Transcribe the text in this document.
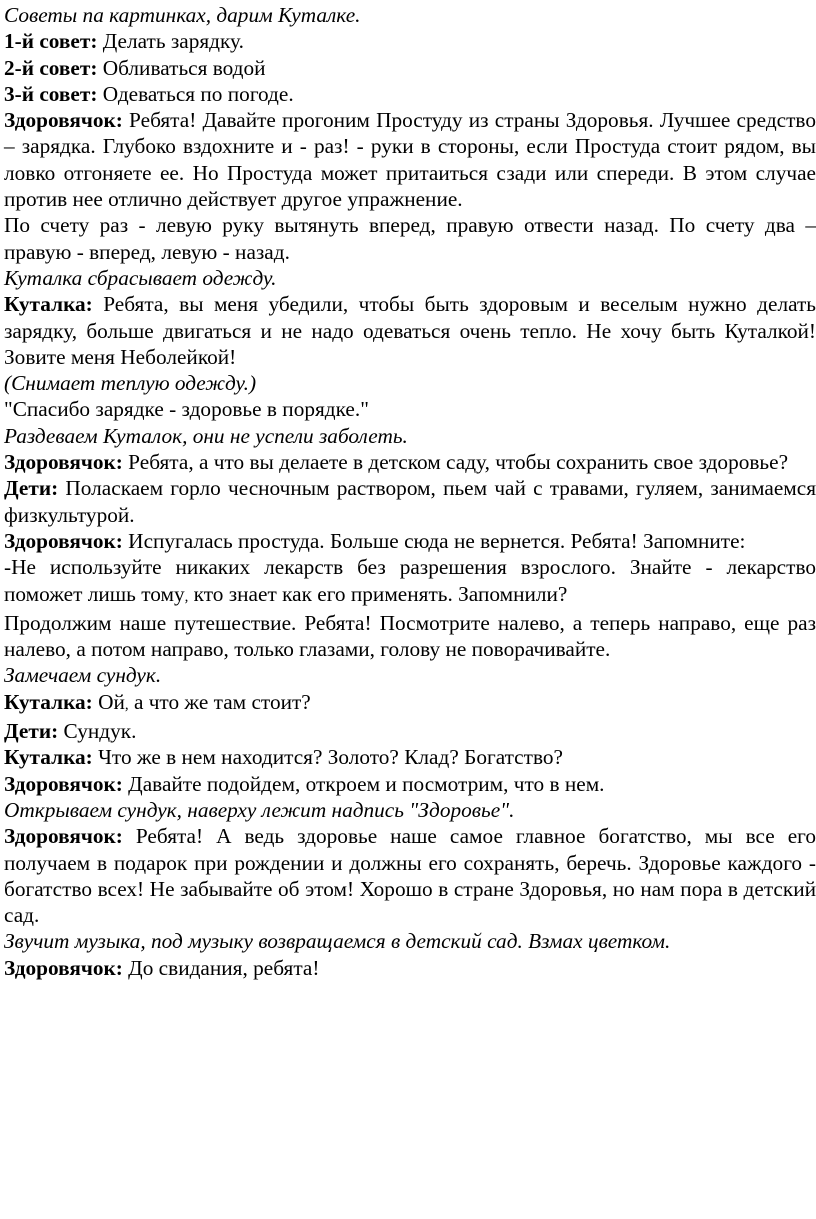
Советы па картинках, дарим Куталке.
1-й совет: Делать зарядку.
2-й совет: Обливаться водой
3-й совет: Одеваться по погоде.

Здоровячок: Ребята! Давайте прогоним Простуду из страны Здоровья. Лучшее средство – зарядка. Глубоко вздохните и - раз! - руки в стороны, если Простуда стоит рядом, вы ловко отгоняете ее. Но Простуда может притаиться сзади или спереди. В этом случае против нее отлично действует другое упражнение.

По счету раз - левую руку вытянуть вперед, правую отвести назад. По счету два – правую - вперед, левую - назад.

Куталка сбрасывает одежду.

Куталка: Ребята, вы меня убедили, чтобы быть здоровым и веселым нужно делать зарядку, больше двигаться и не надо одеваться очень тепло. Не хочу быть Куталкой! Зовите меня Неболейкой!

(Снимает теплую одежду.)
"Спасибо зарядке - здоровье в порядке."
Раздеваем Куталок, они не успели заболеть.

Здоровячок: Ребята, а что вы делаете в детском саду, чтобы сохранить свое здоровье?

Дети: Поласкаем горло чесночным раствором, пьем чай с травами, гуляем, занимаемся физкультурой.

Здоровячок: Испугалась простуда. Больше сюда не вернется. Ребята! Запомните:

-Не используйте никаких лекарств без разрешения взрослого. Знайте - лекарство поможет лишь тому, кто знает как его применять. Запомнили?

Продолжим наше путешествие. Ребята! Посмотрите налево, а теперь направо, еще раз налево, а потом направо, только глазами, голову не поворачивайте.

Замечаем сундук.
Куталка: Ой, а что же там стоит?
Дети: Сундук.
Куталка: Что же в нем находится? Золото? Клад? Богатство?
Здоровячок: Давайте подойдем, откроем и посмотрим, что в нем.
Открываем сундук, наверху лежит надпись "Здоровье".

Здоровячок: Ребята! А ведь здоровье наше самое главное богатство, мы все его получаем в подарок при рождении и должны его сохранять, беречь. Здоровье каждого - богатство всех! Не забывайте об этом! Хорошо в стране Здоровья, но нам пора в детский сад.

Звучит музыка, под музыку возвращаемся в детский сад. Взмах цветком.
Здоровячок: До свидания, ребята!
